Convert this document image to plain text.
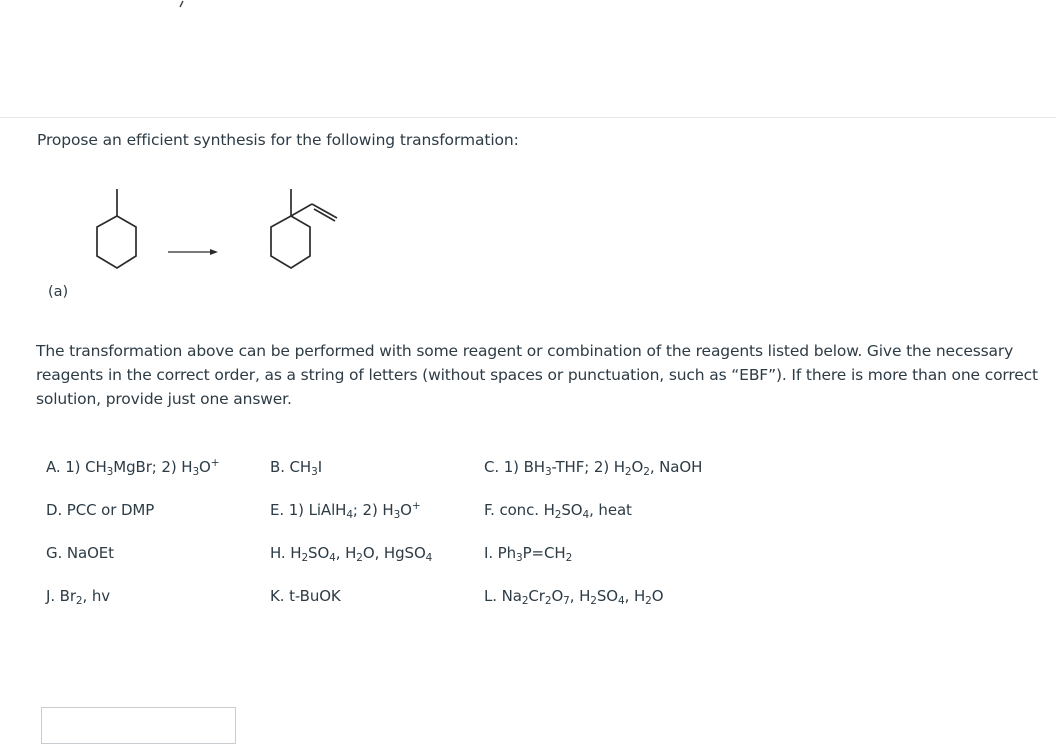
Propose an efficient synthesis for the following transformation:
(a)
The transformation above can be performed with some reagent or combination of the reagents listed below. Give the necessary reagents in the correct order, as a string of letters (without spaces or punctuation, such as “EBF”). If there is more than one correct solution, provide just one answer.
A. 1) $CH_3MgBr$; 2) $H_3O^+$	B. $CH_3I$	C. 1) $BH_3$-THF; 2) $H_2O_2$, NaOH
D. PCC or DMP	E. 1) LiAlH$_4$; 2) $H_3O^+$	F. conc. $H_2SO_4$, heat
G. NaOEt	H. $H_2SO_4$, $H_2O$, HgSO$_4$	I. $Ph_3P=CH_2$
J. $Br_2$, hv	K. t-BuOK	L. $Na_2Cr_2O_7$, $H_2SO_4$, $H_2O$
